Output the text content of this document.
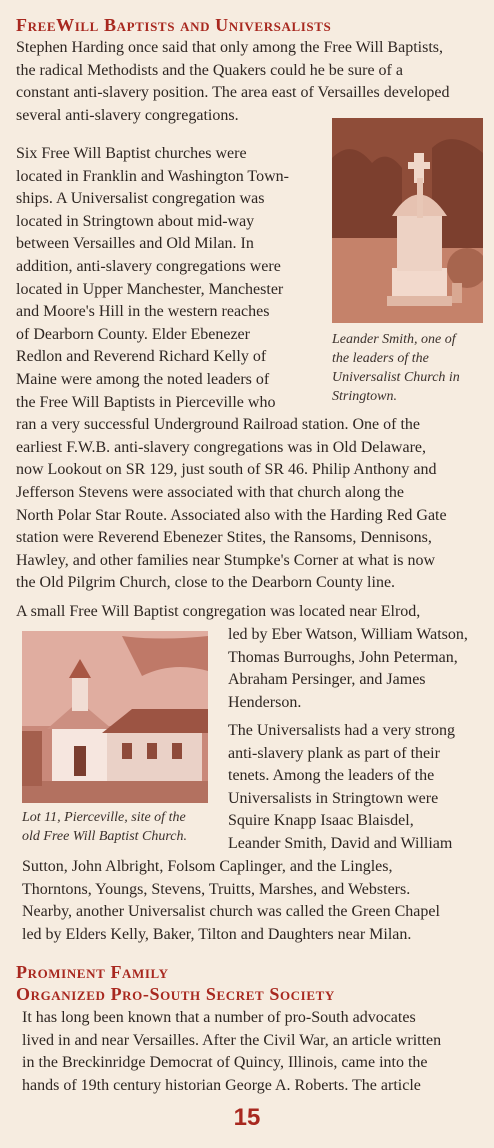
FreeWill Baptists and Universalists

Stephen Harding once said that only among the Free Will Baptists,
the radical Methodists and the Quakers could he be sure of a
constant anti-slavery position. The area east of Versailles developed
several anti-slavery congregations.

Six Free Will Baptist churches were
located in Franklin and Washington Town-
ships. A Universalist congregation was
located in Stringtown about mid-way
between Versailles and Old Milan. In
addition, anti-slavery congregations were
located in Upper Manchester, Manchester
and Moore's Hill in the western reaches
of Dearborn County. Elder Ebenezer
Redlon and Reverend Richard Kelly of
Maine were among the noted leaders of
the Free Will Baptists in Pierceville who
ran a very successful Underground Railroad station. One of the
earliest F.W.B. anti-slavery congregations was in Old Delaware,
now Lookout on SR 129, just south of SR 46. Philip Anthony and
Jefferson Stevens were associated with that church along the
North Polar Star Route. Associated also with the Harding Red Gate
station were Reverend Ebenezer Stites, the Ransoms, Dennisons,
Hawley, and other families near Stumpke's Corner at what is now
the Old Pilgrim Church, close to the Dearborn County line.

Leander Smith, one of
the leaders of the
Universalist Church in
Stringtown.

A small Free Will Baptist congregation was located near Elrod,

Lot 11, Pierceville, site of the
old Free Will Baptist Church.

led by Eber Watson, William Watson,
Thomas Burroughs, John Peterman,
Abraham Persinger, and James
Henderson.

The Universalists had a very strong
anti-slavery plank as part of their
tenets. Among the leaders of the
Universalists in Stringtown were
Squire Knapp Isaac Blaisdel,
Leander Smith, David and William

Sutton, John Albright, Folsom Caplinger, and the Lingles,
Thorntons, Youngs, Stevens, Truitts, Marshes, and Websters.
Nearby, another Universalist church was called the Green Chapel
led by Elders Kelly, Baker, Tilton and Daughters near Milan.

Prominent Family
Organized Pro-South Secret Society

It has long been known that a number of pro-South advocates
lived in and near Versailles. After the Civil War, an article written
in the Breckinridge Democrat of Quincy, Illinois, came into the
hands of 19th century historian George A. Roberts. The article

15
